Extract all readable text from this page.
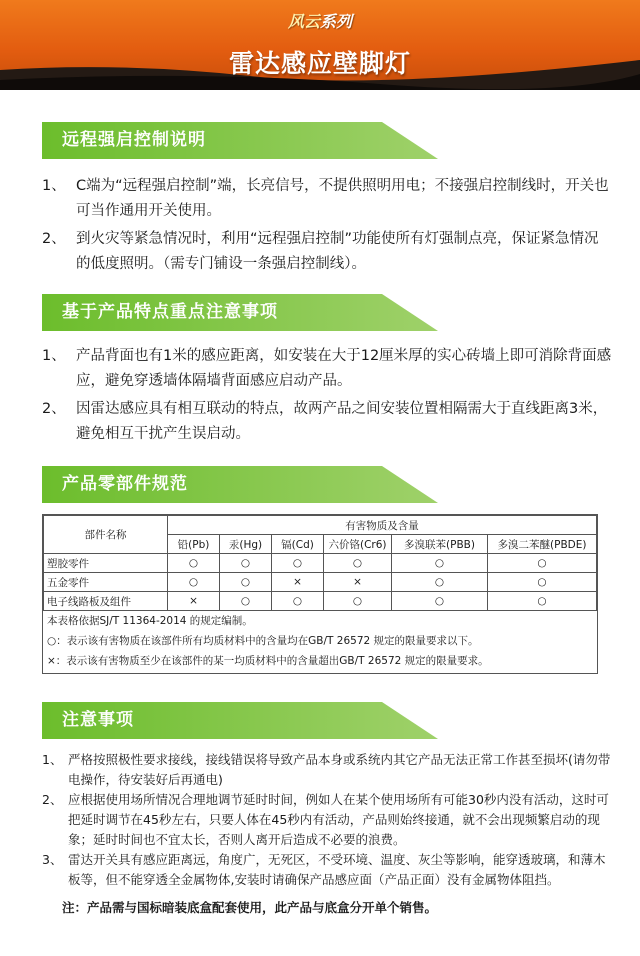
风云系列
雷达感应壁脚灯
远程强启控制说明
1、 C端为“远程强启控制”端，长亮信号，不提供照明用电；不接强启控制线时，开关也可当作通用开关使用。
2、 到火灾等紧急情况时，利用“远程强启控制”功能使所有灯强制点亮，保证紧急情况的低度照明。（需专门铺设一条强启控制线）。
基于产品特点重点注意事项
1、 产品背面也有1米的感应距离，如安装在大于12厘米厚的实心砖墙上即可消除背面感应，避免穿透墙体隔墙背面感应启动产品。
2、 因雷达感应具有相互联动的特点，故两产品之间安装位置相隔需大于直线距离3米，避免相互干扰产生误启动。
产品零部件规范
部件名称	有害物质及含量					
	铅(Pb)	汞(Hg)	镉(Cd)	六价铬(Cr6)	多溴联苯(PBB)	多溴二苯醚(PBDE)
塑胶零件	○	○	○	○	○	○
五金零件	○	○	×	×	○	○
电子线路板及组件	×	○	○	○	○	○
本表格依据SJ/T 11364-2014 的规定编制。
○：表示该有害物质在该部件所有均质材料中的含量均在GB/T 26572 规定的限量要求以下。
×：表示该有害物质至少在该部件的某一均质材料中的含量超出GB/T 26572 规定的限量要求。
注意事项
1、 严格按照极性要求接线，接线错误将导致产品本身或系统内其它产品无法正常工作甚至损坏(请勿带电操作，待安装好后再通电)
2、 应根据使用场所情况合理地调节延时时间，例如人在某个使用场所有可能30秒内没有活动，这时可把延时调节在45秒左右，只要人体在45秒内有活动，产品则始终接通，就不会出现频繁启动的现象；延时时间也不宜太长，否则人离开后造成不必要的浪费。
3、 雷达开关具有感应距离远，角度广，无死区，不受环境、温度、灰尘等影响，能穿透玻璃，和薄木板等，但不能穿透全金属物体,安装时请确保产品感应面（产品正面）没有金属物体阻挡。
注：产品需与国标暗装底盒配套使用，此产品与底盒分开单个销售。
